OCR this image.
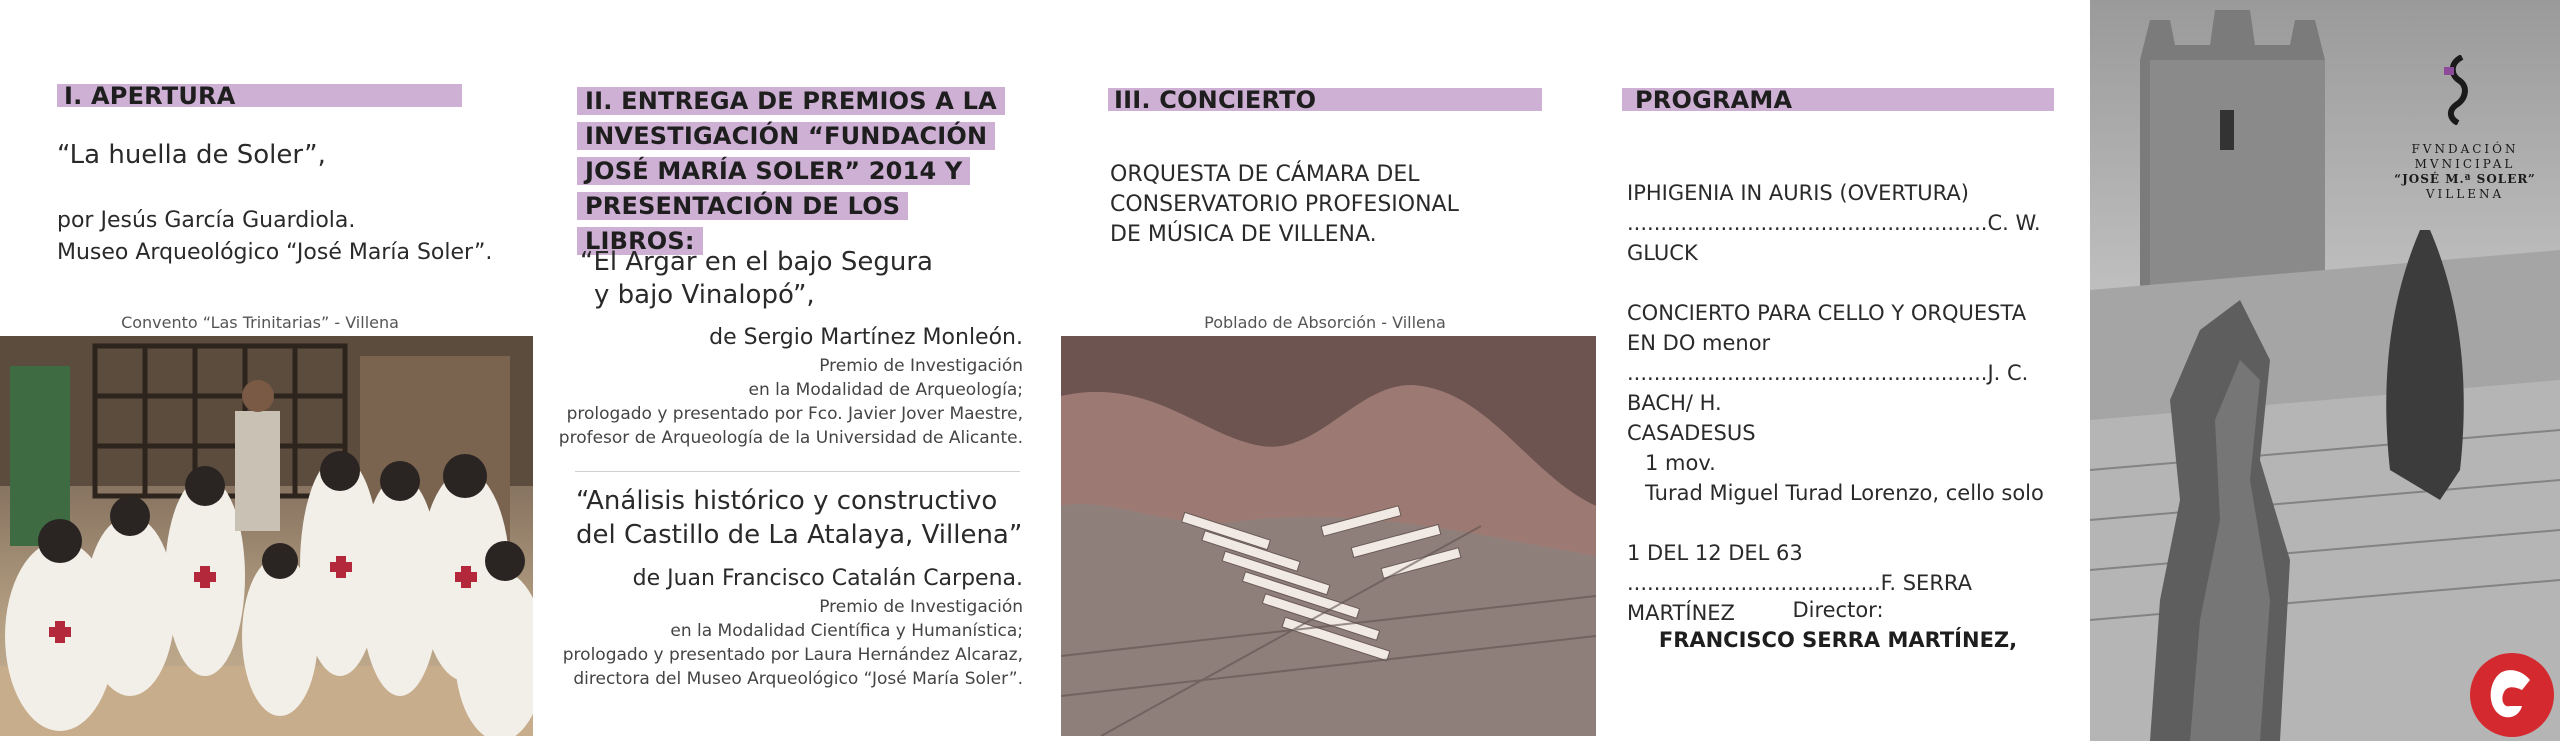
I. APERTURA
“La huella de Soler”,
por Jesús García Guardiola.
Museo Arqueológico “José María Soler”.
Convento “Las Trinitarias” - Villena
II. ENTREGA DE PREMIOS A LA
INVESTIGACIÓN “FUNDACIÓN
JOSÉ MARÍA SOLER” 2014 Y
PRESENTACIÓN DE LOS LIBROS:
“El Argar en el bajo Segura
y bajo Vinalopó”,
de Sergio Martínez Monleón.
Premio de Investigación
en la Modalidad de Arqueología;
prologado y presentado por Fco. Javier Jover Maestre,
profesor de Arqueología de la Universidad de Alicante.
“Análisis histórico y constructivo
del Castillo de La Atalaya, Villena”
de Juan Francisco Catalán Carpena.
Premio de Investigación
en la Modalidad Científica y Humanística;
prologado y presentado por Laura Hernández Alcaraz,
directora del Museo Arqueológico “José María Soler”.
III. CONCIERTO
ORQUESTA DE CÁMARA DEL
CONSERVATORIO PROFESIONAL
DE MÚSICA DE VILLENA.
Poblado de Absorción - Villena
PROGRAMA
IPHIGENIA IN AURIS (OVERTURA)
......................................................C. W. GLUCK
CONCIERTO PARA CELLO Y ORQUESTA
EN DO menor
......................................................J. C. BACH/ H.
CASADESUS
1 mov.
Turad Miguel Turad Lorenzo, cello solo
1 DEL 12 DEL 63
......................................F. SERRA MARTÍNEZ	Director:
FRANCISCO SERRA MARTÍNEZ,
FVNDACIÓN
MVNICIPAL
“JOSÉ M.ª SOLER”
VILLENA
